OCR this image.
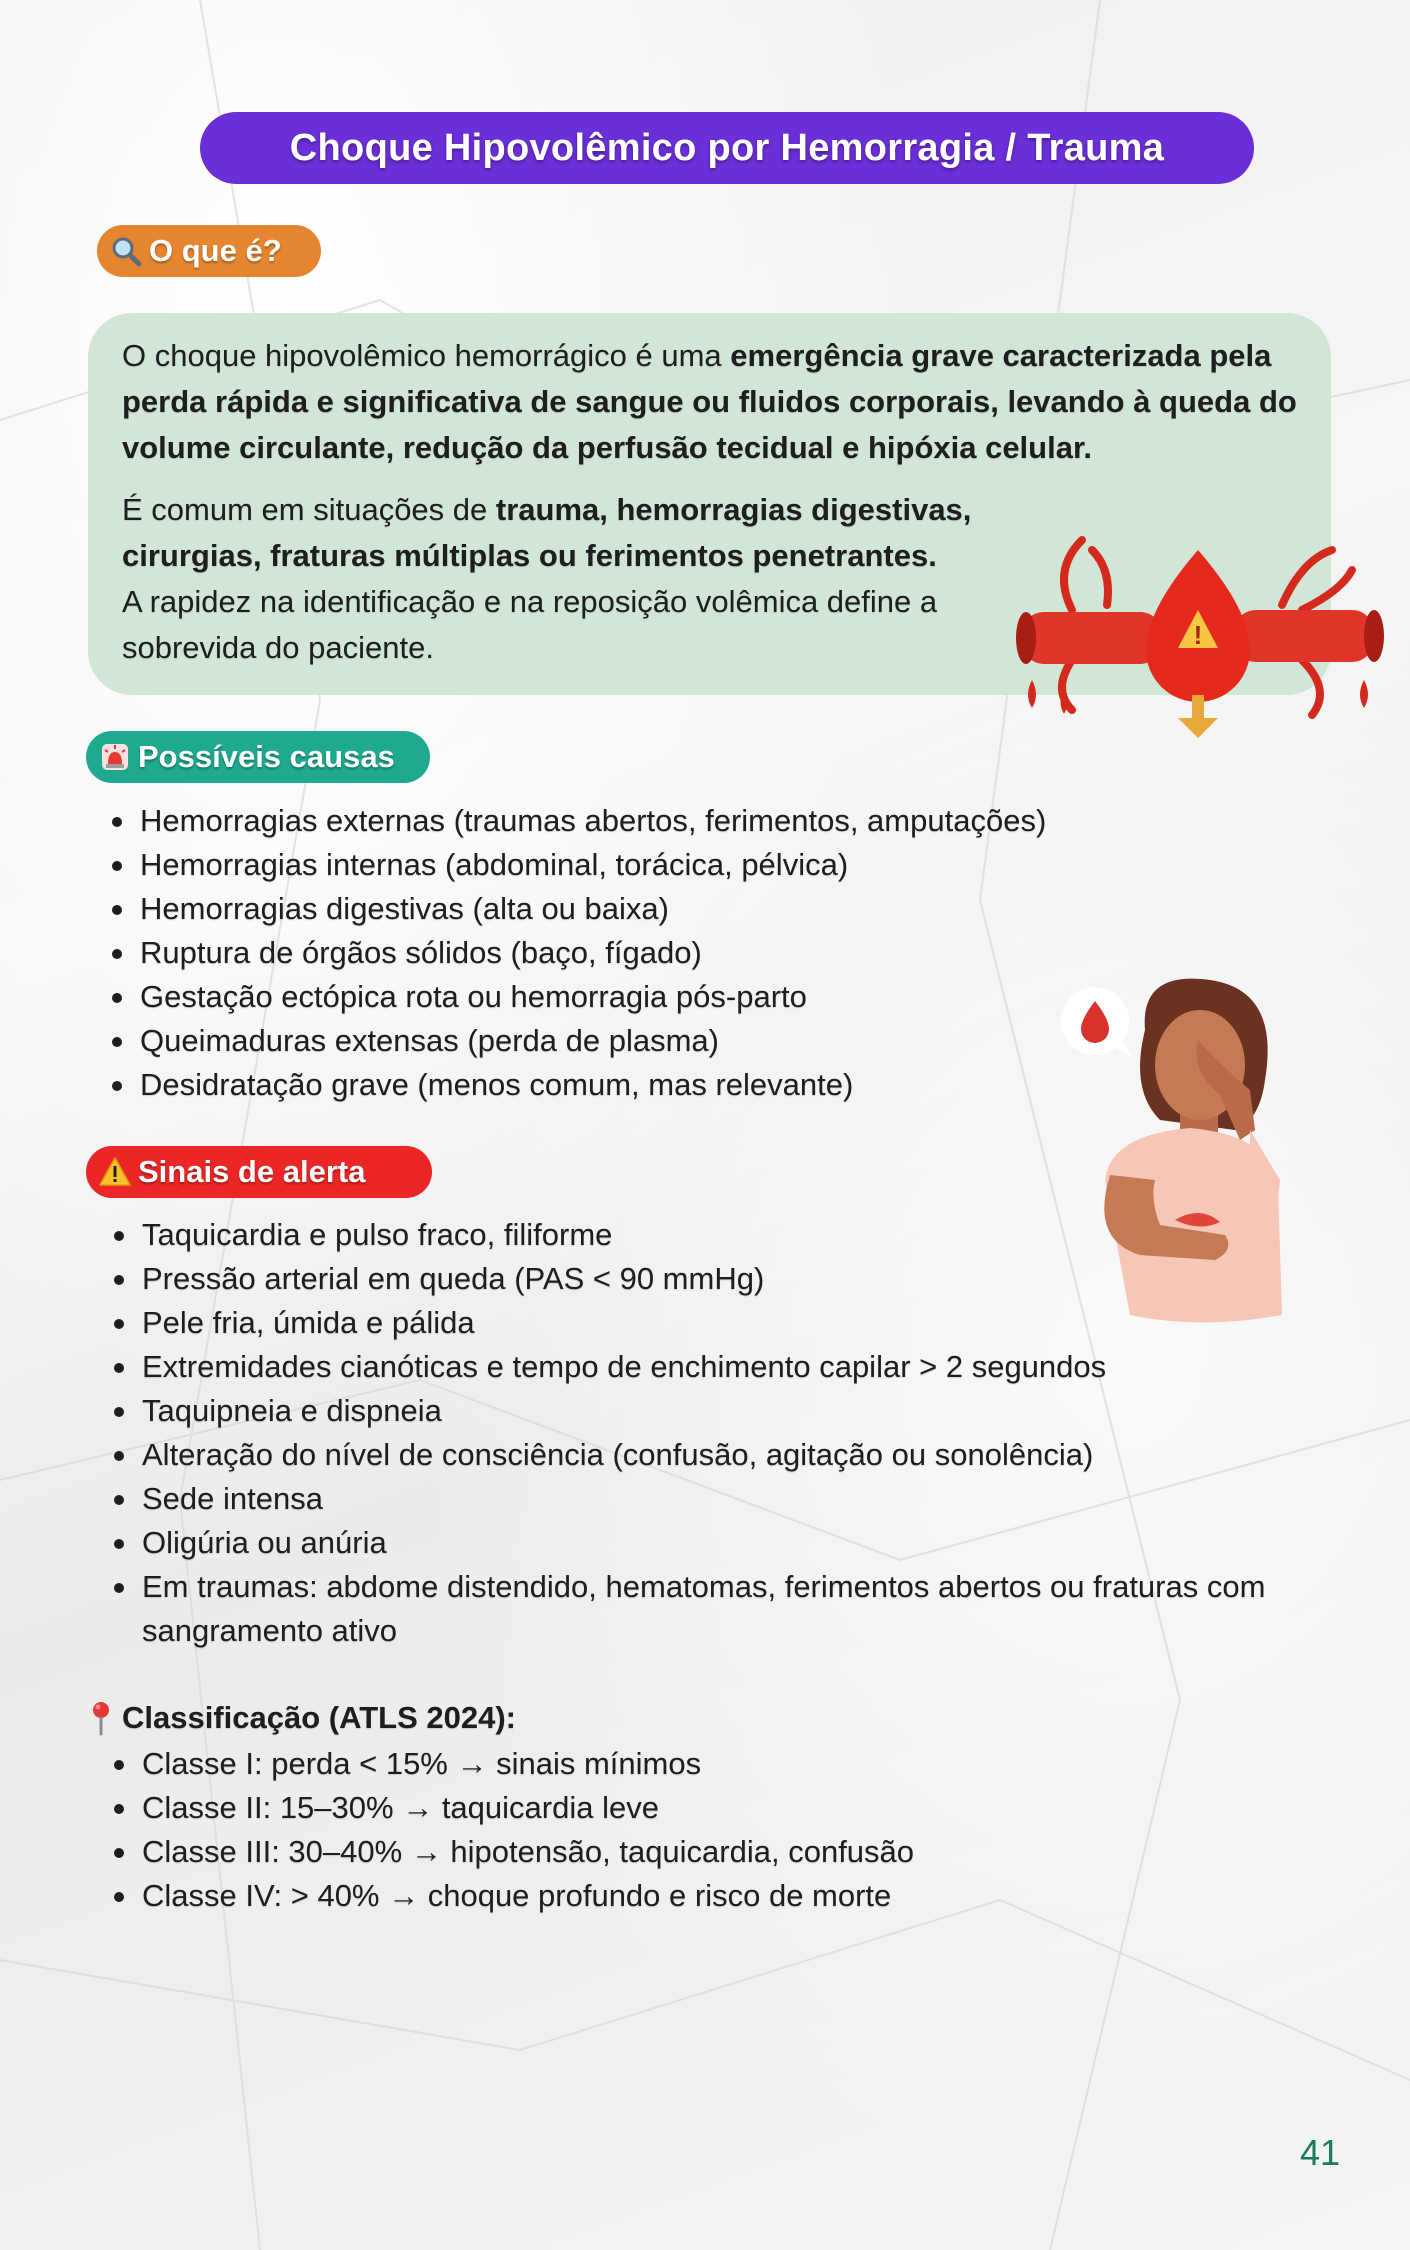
Choque Hipovolêmico por Hemorragia / Trauma
O que é?

O choque hipovolêmico hemorrágico é uma emergência grave caracterizada pela perda rápida e significativa de sangue ou fluidos corporais, levando à queda do volume circulante, redução da perfusão tecidual e hipóxia celular.

É comum em situações de trauma, hemorragias digestivas, cirurgias, fraturas múltiplas ou ferimentos penetrantes.
A rapidez na identificação e na reposição volêmica define a sobrevida do paciente.	!
Possíveis causas
Hemorragias externas (traumas abertos, ferimentos, amputações)
Hemorragias internas (abdominal, torácica, pélvica)
Hemorragias digestivas (alta ou baixa)
Ruptura de órgãos sólidos (baço, fígado)
Gestação ectópica rota ou hemorragia pós-parto
Queimaduras extensas (perda de plasma)
Desidratação grave (menos comum, mas relevante)
Sinais de alerta
Taquicardia e pulso fraco, filiforme
Pressão arterial em queda (PAS < 90 mmHg)
Pele fria, úmida e pálida
Extremidades cianóticas e tempo de enchimento capilar > 2 segundos
Taquipneia e dispneia
Alteração do nível de consciência (confusão, agitação ou sonolência)
Sede intensa
Oligúria ou anúria
Em traumas: abdome distendido, hematomas, ferimentos abertos ou fraturas com sangramento ativo
Classificação (ATLS 2024):
Classe I: perda < 15% → sinais mínimos
Classe II: 15–30% → taquicardia leve
Classe III: 30–40% → hipotensão, taquicardia, confusão
Classe IV: > 40% → choque profundo e risco de morte
41
